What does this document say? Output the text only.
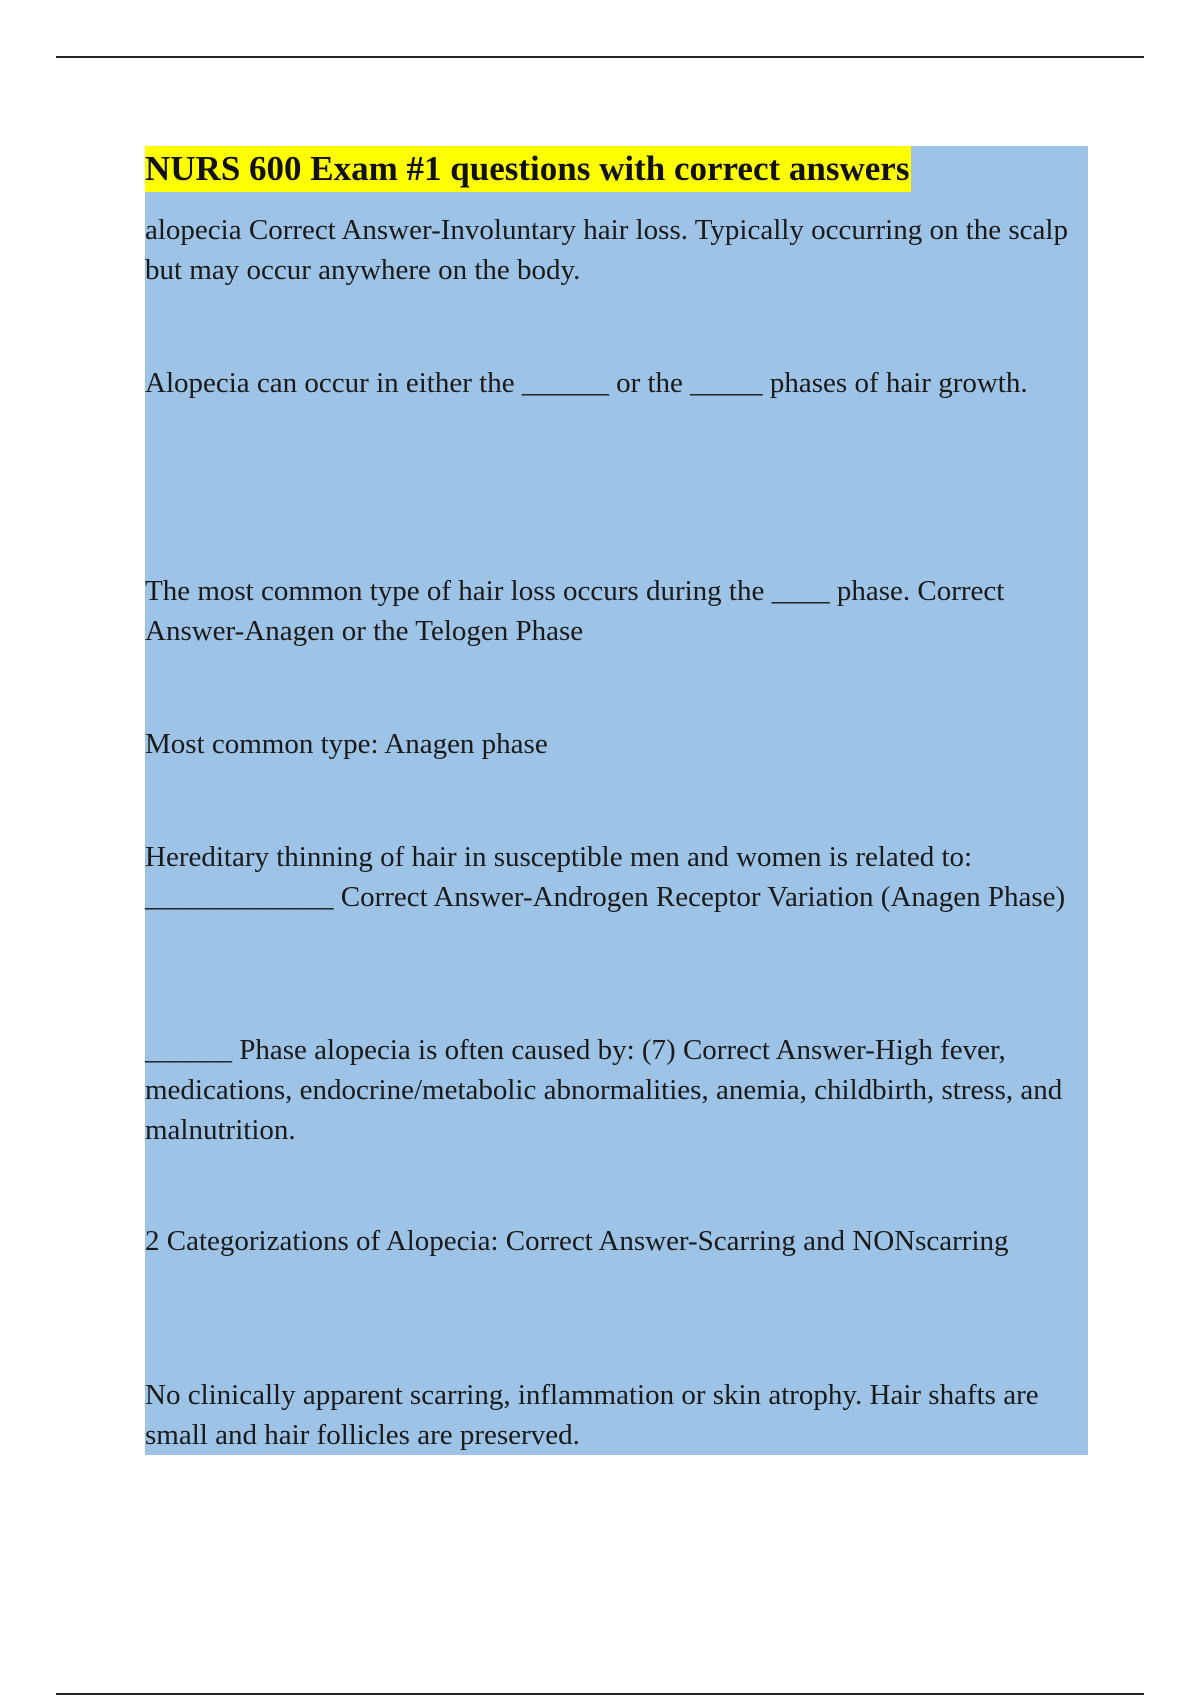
NURS 600 Exam #1 questions with correct answers

alopecia Correct Answer-Involuntary hair loss. Typically occurring on the scalp but may occur anywhere on the body.

Alopecia can occur in either the ______ or the _____ phases of hair growth.

The most common type of hair loss occurs during the ____ phase. Correct Answer-Anagen or the Telogen Phase

Most common type: Anagen phase

Hereditary thinning of hair in susceptible men and women is related to: _____________ Correct Answer-Androgen Receptor Variation (Anagen Phase)

______ Phase alopecia is often caused by: (7) Correct Answer-High fever, medications, endocrine/metabolic abnormalities, anemia, childbirth, stress, and malnutrition.

2 Categorizations of Alopecia: Correct Answer-Scarring and NONscarring

No clinically apparent scarring, inflammation or skin atrophy. Hair shafts are small and hair follicles are preserved.
